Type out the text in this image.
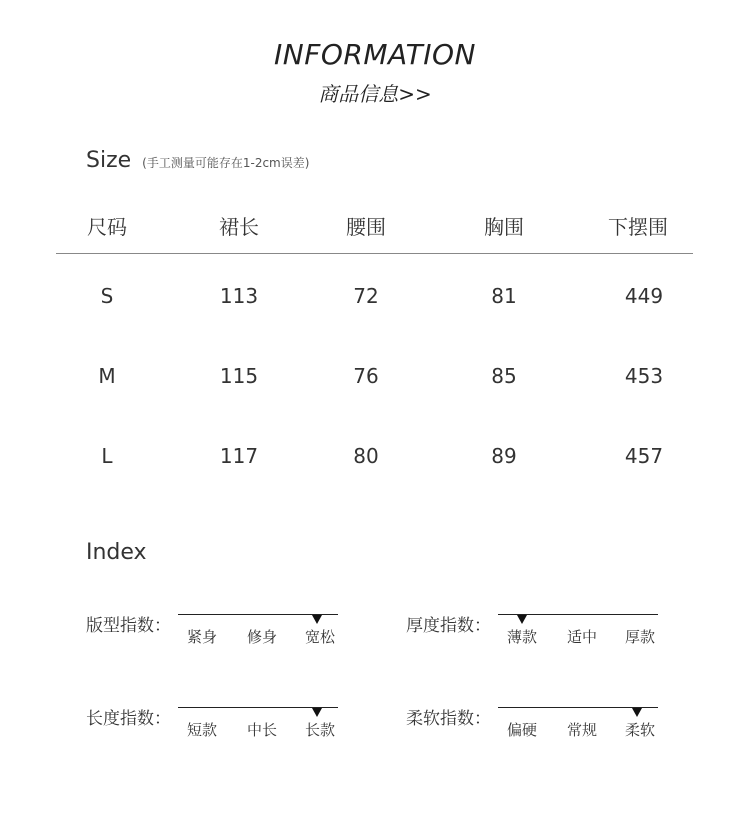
INFORMATION
商品信息>>
Size (手工测量可能存在1-2cm误差)
尺码	裙长	腰围	胸围	下摆围
S	113	72	81	449
M	115	76	85	453
L	117	80	89	457
Index
版型指数：
紧身	修身	宽松
厚度指数：
薄款	适中	厚款
长度指数：
短款	中长	长款
柔软指数：
偏硬	常规	柔软
